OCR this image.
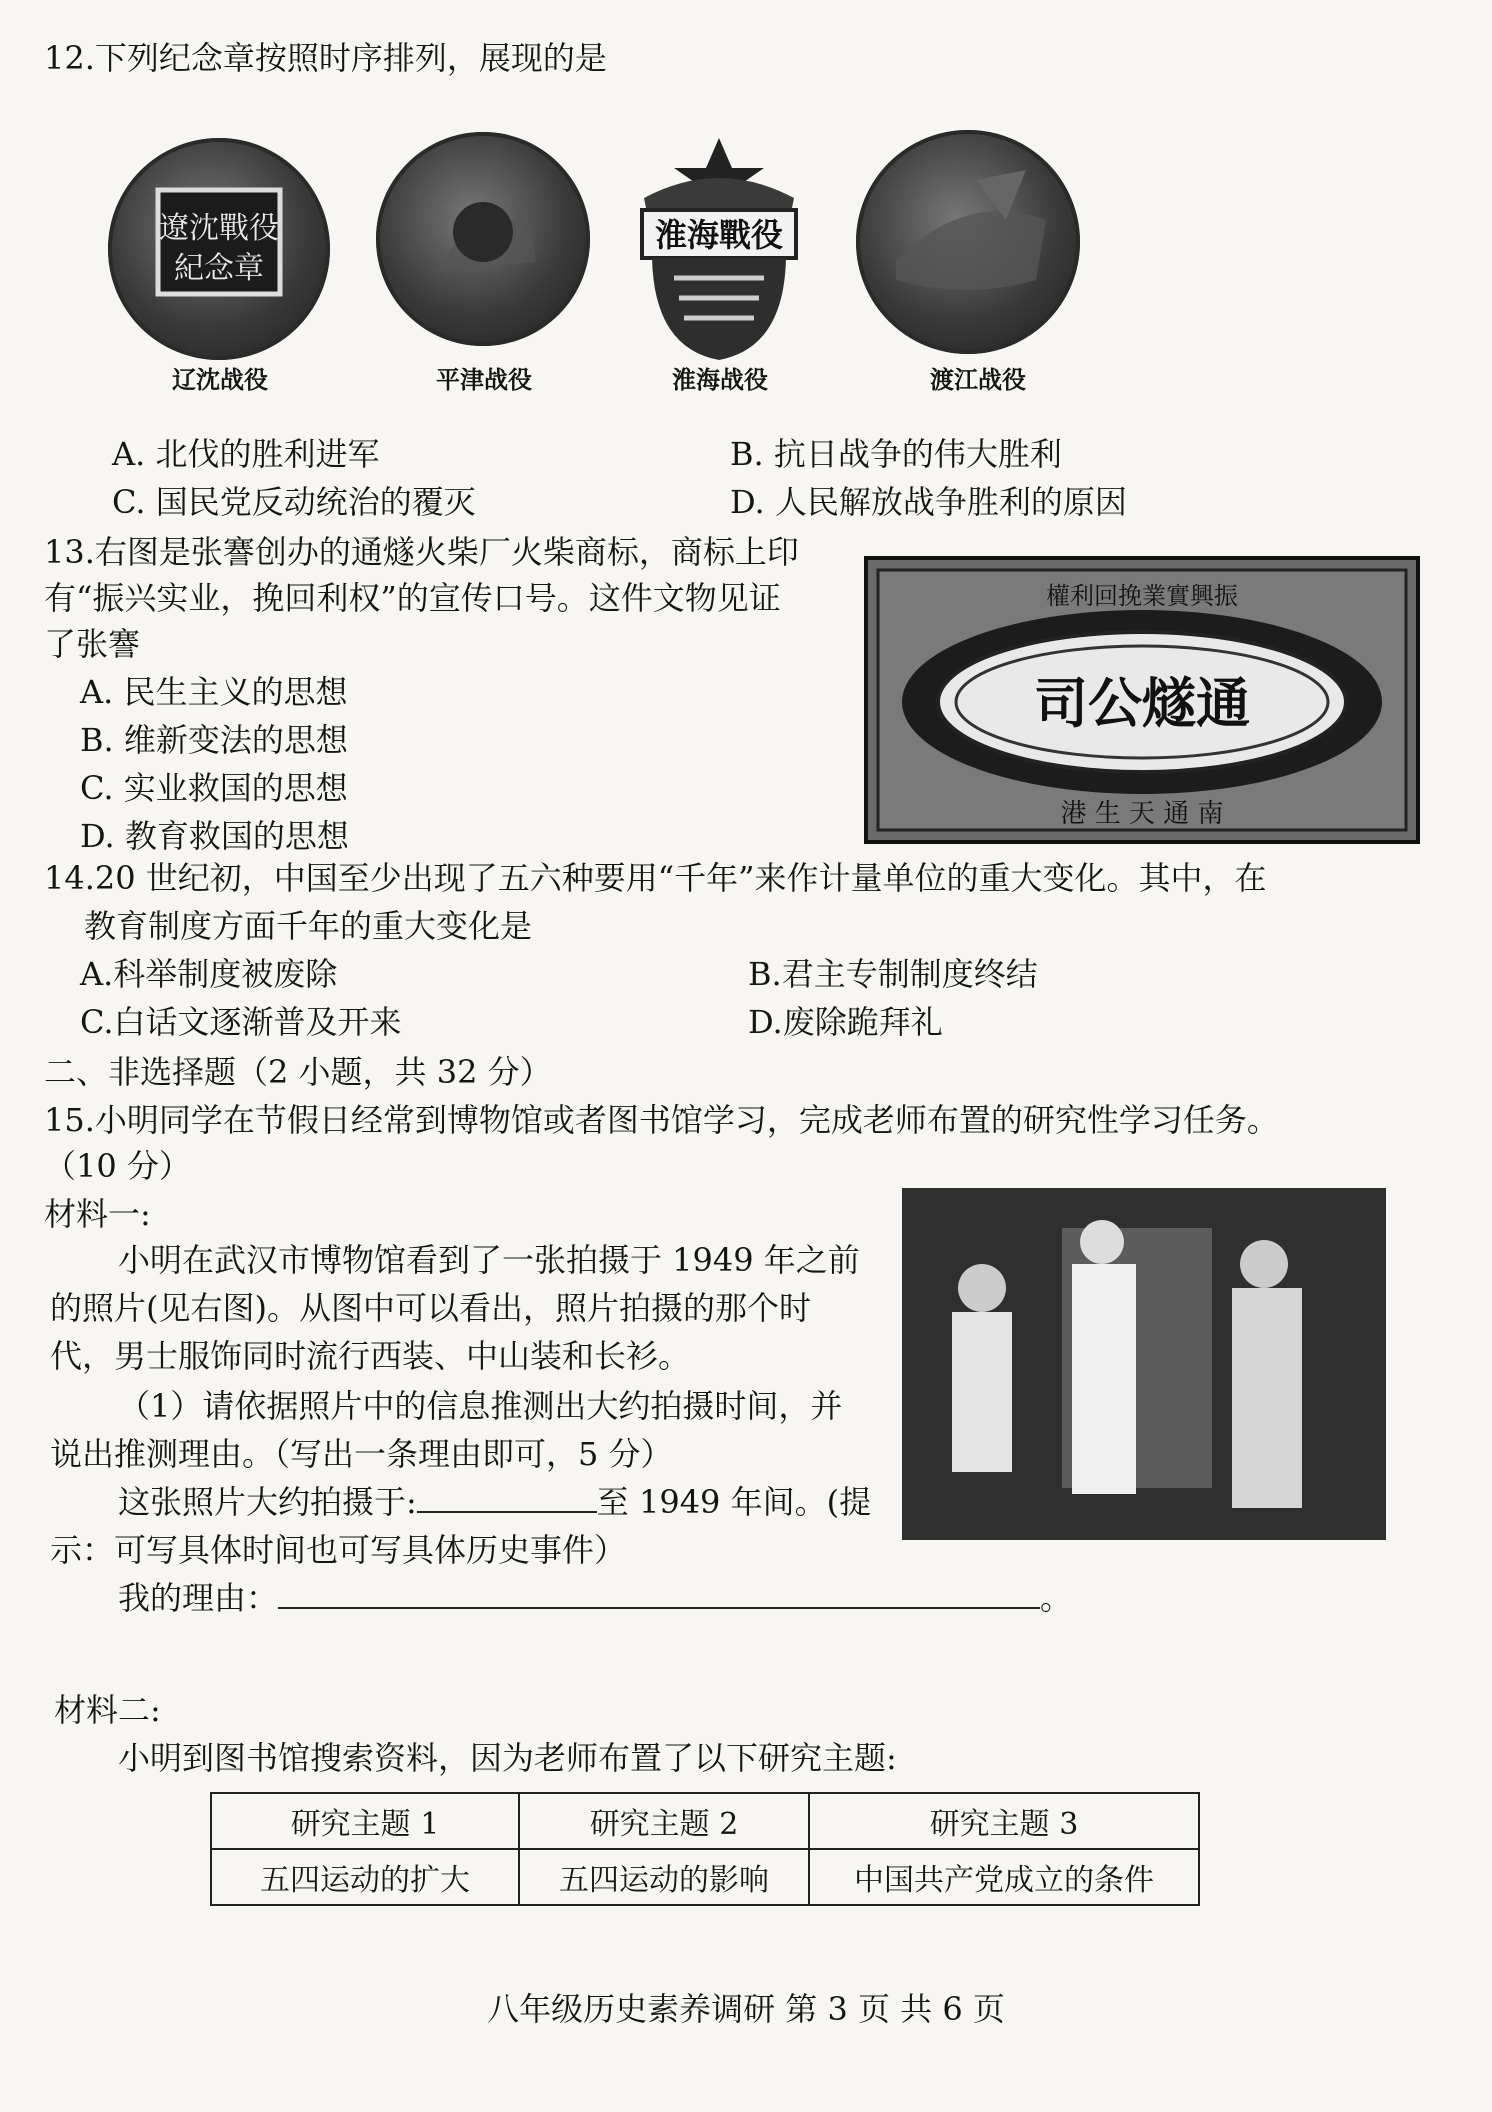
12.下列纪念章按照时序排列，展现的是
遼沈戰役
紀念章
淮海戰役
辽沈战役	平津战役	淮海战役	渡江战役
A. 北伐的胜利进军	B. 抗日战争的伟大胜利
C. 国民党反动统治的覆灭	D. 人民解放战争胜利的原因
13.右图是张謇创办的通燧火柴厂火柴商标，商标上印
有“振兴实业，挽回利权”的宣传口号。这件文物见证
了张謇
A. 民生主义的思想
B. 维新变法的思想
C. 实业救国的思想
D. 教育救国的思想
權利回挽業實興振
司公燧通
港 生 天 通 南
14.20 世纪初，中国至少出现了五六种要用“千年”来作计量单位的重大变化。其中，在
教育制度方面千年的重大变化是
A.科举制度被废除	B.君主专制制度终结
C.白话文逐渐普及开来	D.废除跪拜礼
二、非选择题（2 小题，共 32 分）
15.小明同学在节假日经常到博物馆或者图书馆学习，完成老师布置的研究性学习任务。
（10 分）
材料一:
小明在武汉市博物馆看到了一张拍摄于 1949 年之前
的照片(见右图)。从图中可以看出，照片拍摄的那个时
代，男士服饰同时流行西装、中山装和长衫。
（1）请依据照片中的信息推测出大约拍摄时间，并
说出推测理由。（写出一条理由即可，5 分）
这张照片大约拍摄于:	至 1949 年间。(提
示：可写具体时间也可写具体历史事件）
我的理由：	。
材料二:
小明到图书馆搜索资料，因为老师布置了以下研究主题:
研究主题 1	研究主题 2	研究主题 3
五四运动的扩大	五四运动的影响	中国共产党成立的条件
八年级历史素养调研 第 3 页 共 6 页
